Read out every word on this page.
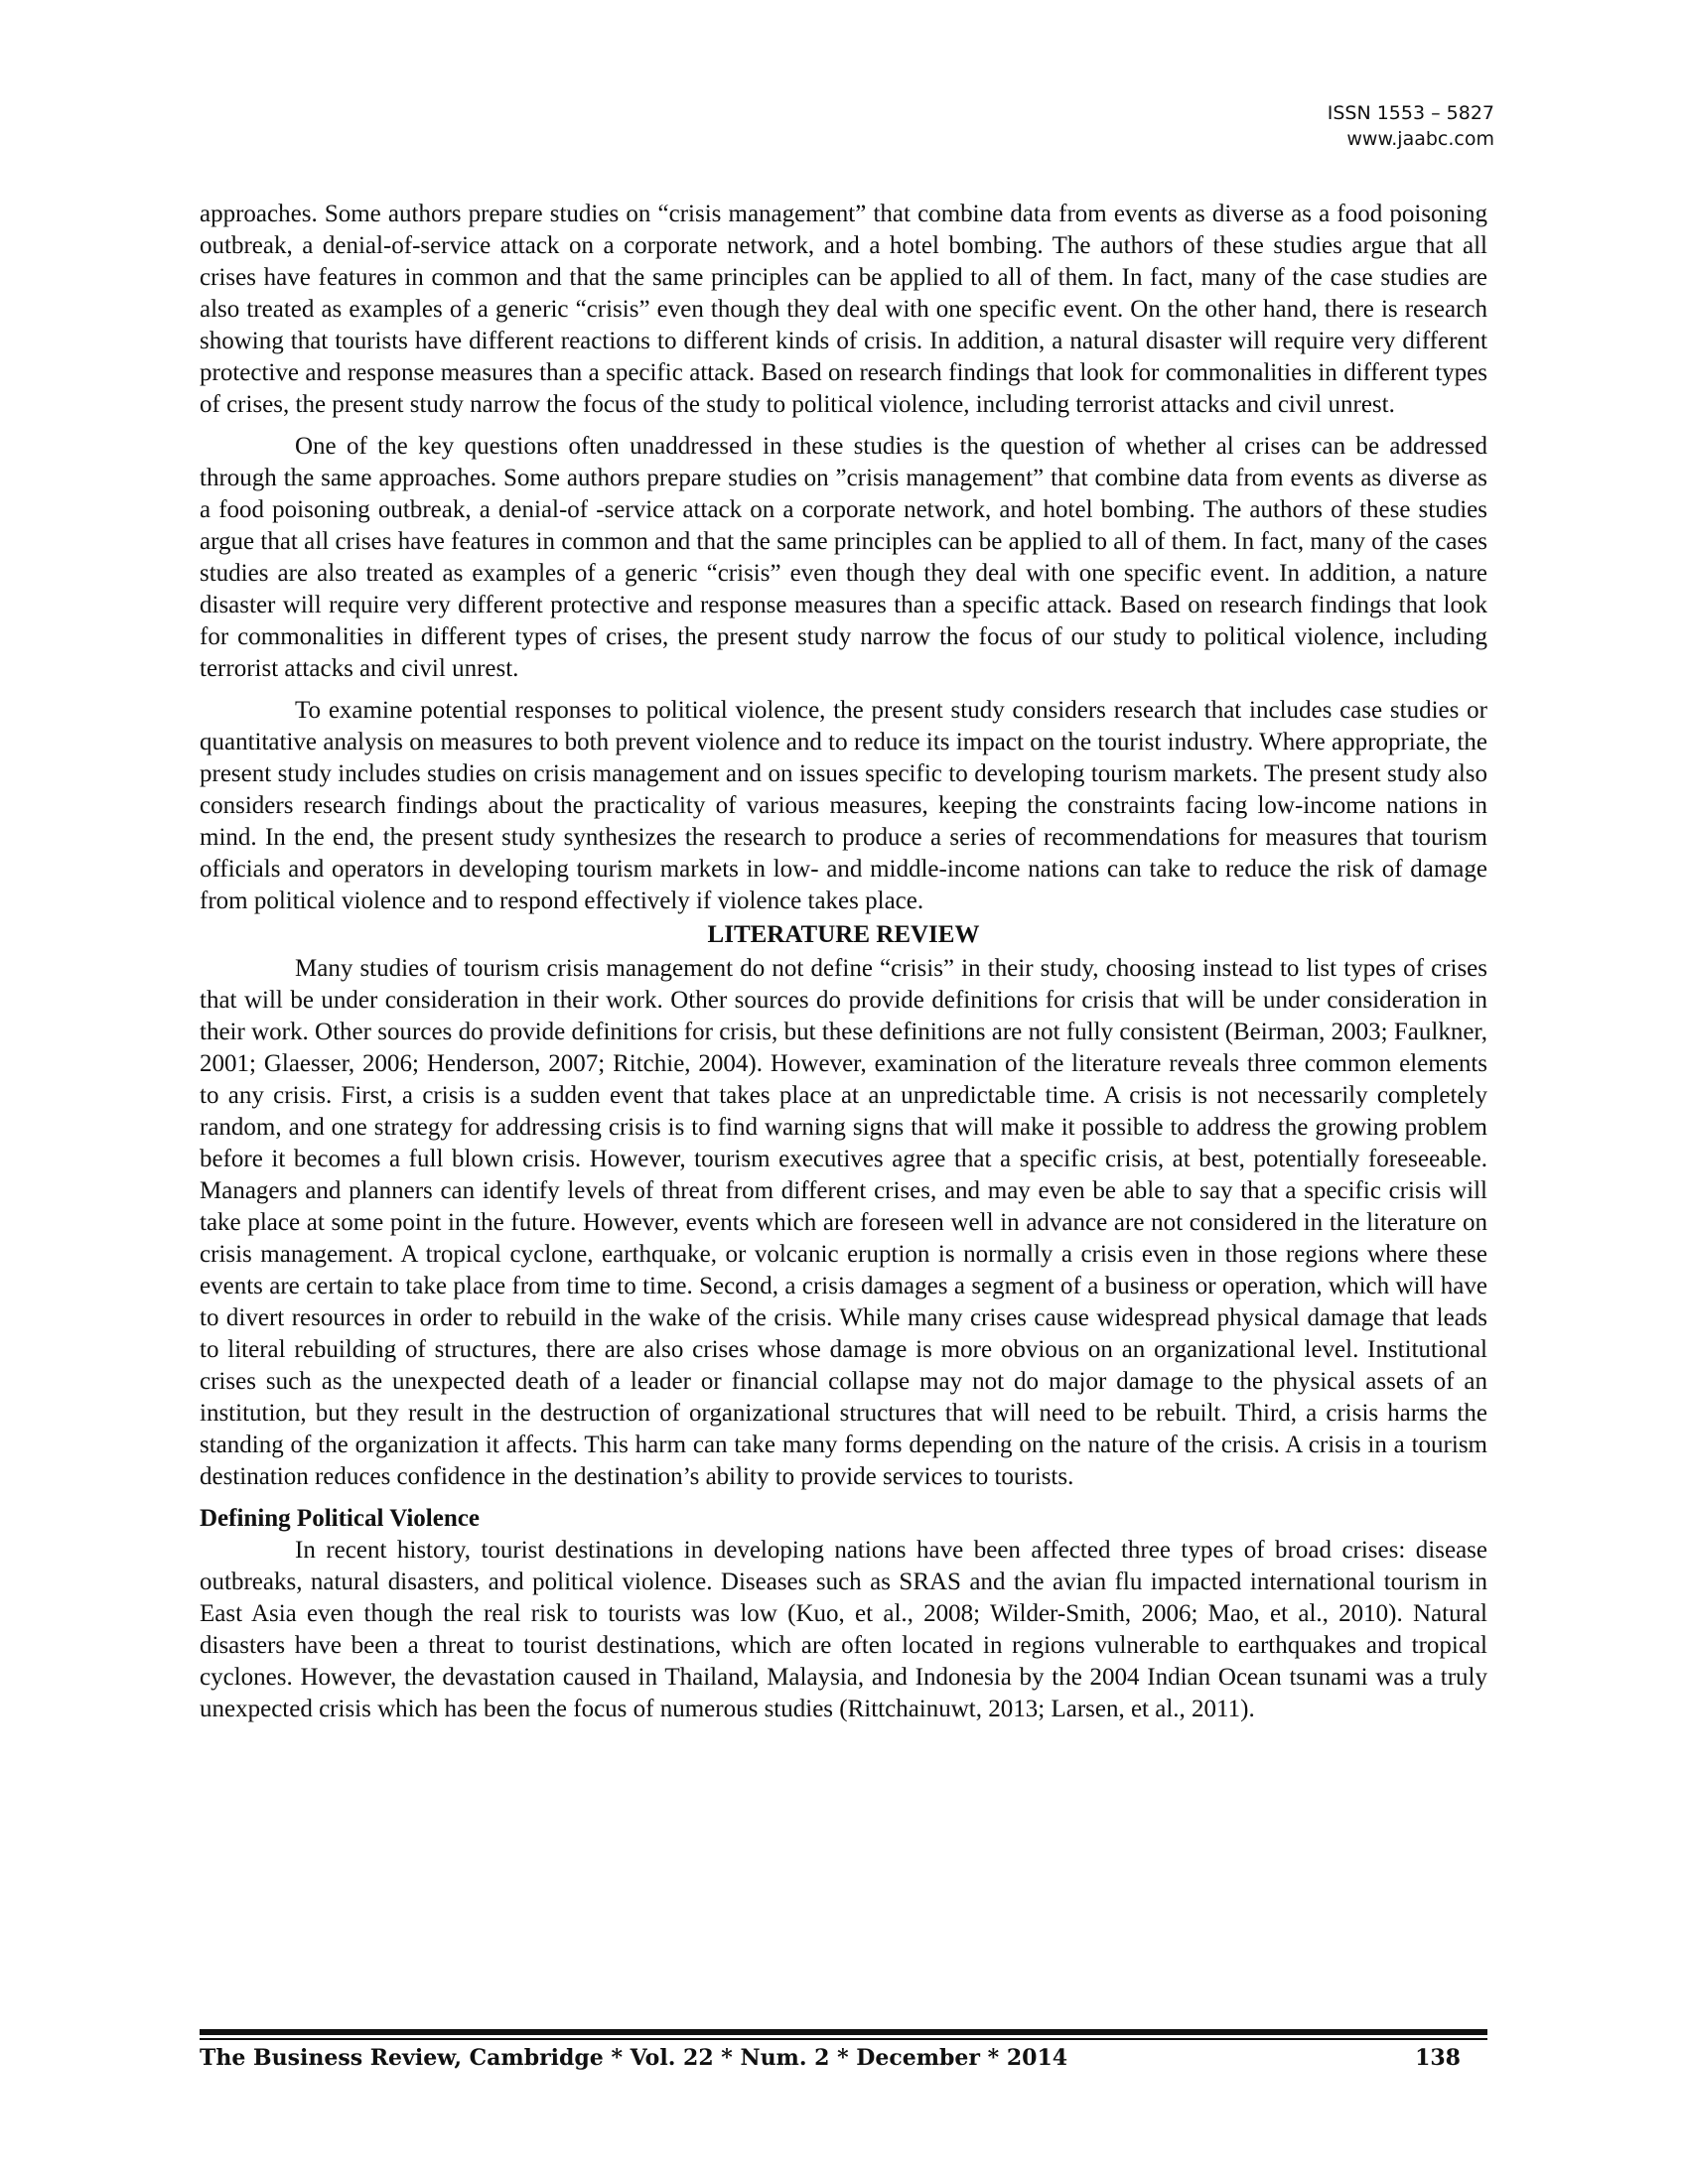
ISSN 1553 – 5827
www.jaabc.com

approaches. Some authors prepare studies on “crisis management” that combine data from events as diverse as a food poisoning outbreak, a denial-of-service attack on a corporate network, and a hotel bombing. The authors of these studies argue that all crises have features in common and that the same principles can be applied to all of them. In fact, many of the case studies are also treated as examples of a generic “crisis” even though they deal with one specific event. On the other hand, there is research showing that tourists have different reactions to different kinds of crisis. In addition, a natural disaster will require very different protective and response measures than a specific attack. Based on research findings that look for commonalities in different types of crises, the present study narrow the focus of the study to political violence, including terrorist attacks and civil unrest.

One of the key questions often unaddressed in these studies is the question of whether al crises can be addressed through the same approaches. Some authors prepare studies on ”crisis management” that combine data from events as diverse as a food poisoning outbreak, a denial-of -service attack on a corporate network, and hotel bombing. The authors of these studies argue that all crises have features in common and that the same principles can be applied to all of them. In fact, many of the cases studies are also treated as examples of a generic “crisis” even though they deal with one specific event. In addition, a nature disaster will require very different protective and response measures than a specific attack. Based on research findings that look for commonalities in different types of crises, the present study narrow the focus of our study to political violence, including terrorist attacks and civil unrest.

To examine potential responses to political violence, the present study considers research that includes case studies or quantitative analysis on measures to both prevent violence and to reduce its impact on the tourist industry. Where appropriate, the present study includes studies on crisis management and on issues specific to developing tourism markets. The present study also considers research findings about the practicality of various measures, keeping the constraints facing low-income nations in mind. In the end, the present study synthesizes the research to produce a series of recommendations for measures that tourism officials and operators in developing tourism markets in low- and middle-income nations can take to reduce the risk of damage from political violence and to respond effectively if violence takes place.

LITERATURE REVIEW

Many studies of tourism crisis management do not define “crisis” in their study, choosing instead to list types of crises that will be under consideration in their work. Other sources do provide definitions for crisis that will be under consideration in their work. Other sources do provide definitions for crisis, but these definitions are not fully consistent (Beirman, 2003; Faulkner, 2001; Glaesser, 2006; Henderson, 2007; Ritchie, 2004). However, examination of the literature reveals three common elements to any crisis. First, a crisis is a sudden event that takes place at an unpredictable time. A crisis is not necessarily completely random, and one strategy for addressing crisis is to find warning signs that will make it possible to address the growing problem before it becomes a full blown crisis. However, tourism executives agree that a specific crisis, at best, potentially foreseeable. Managers and planners can identify levels of threat from different crises, and may even be able to say that a specific crisis will take place at some point in the future. However, events which are foreseen well in advance are not considered in the literature on crisis management. A tropical cyclone, earthquake, or volcanic eruption is normally a crisis even in those regions where these events are certain to take place from time to time. Second, a crisis damages a segment of a business or operation, which will have to divert resources in order to rebuild in the wake of the crisis. While many crises cause widespread physical damage that leads to literal rebuilding of structures, there are also crises whose damage is more obvious on an organizational level. Institutional crises such as the unexpected death of a leader or financial collapse may not do major damage to the physical assets of an institution, but they result in the destruction of organizational structures that will need to be rebuilt. Third, a crisis harms the standing of the organization it affects. This harm can take many forms depending on the nature of the crisis. A crisis in a tourism destination reduces confidence in the destination’s ability to provide services to tourists.

Defining Political Violence

In recent history, tourist destinations in developing nations have been affected three types of broad crises: disease outbreaks, natural disasters, and political violence. Diseases such as SRAS and the avian flu impacted international tourism in East Asia even though the real risk to tourists was low (Kuo, et al., 2008; Wilder-Smith, 2006; Mao, et al., 2010). Natural disasters have been a threat to tourist destinations, which are often located in regions vulnerable to earthquakes and tropical cyclones. However, the devastation caused in Thailand, Malaysia, and Indonesia by the 2004 Indian Ocean tsunami was a truly unexpected crisis which has been the focus of numerous studies (Rittchainuwt, 2013; Larsen, et al., 2011).

The Business Review, Cambridge * Vol. 22 * Num. 2 * December * 2014	138
